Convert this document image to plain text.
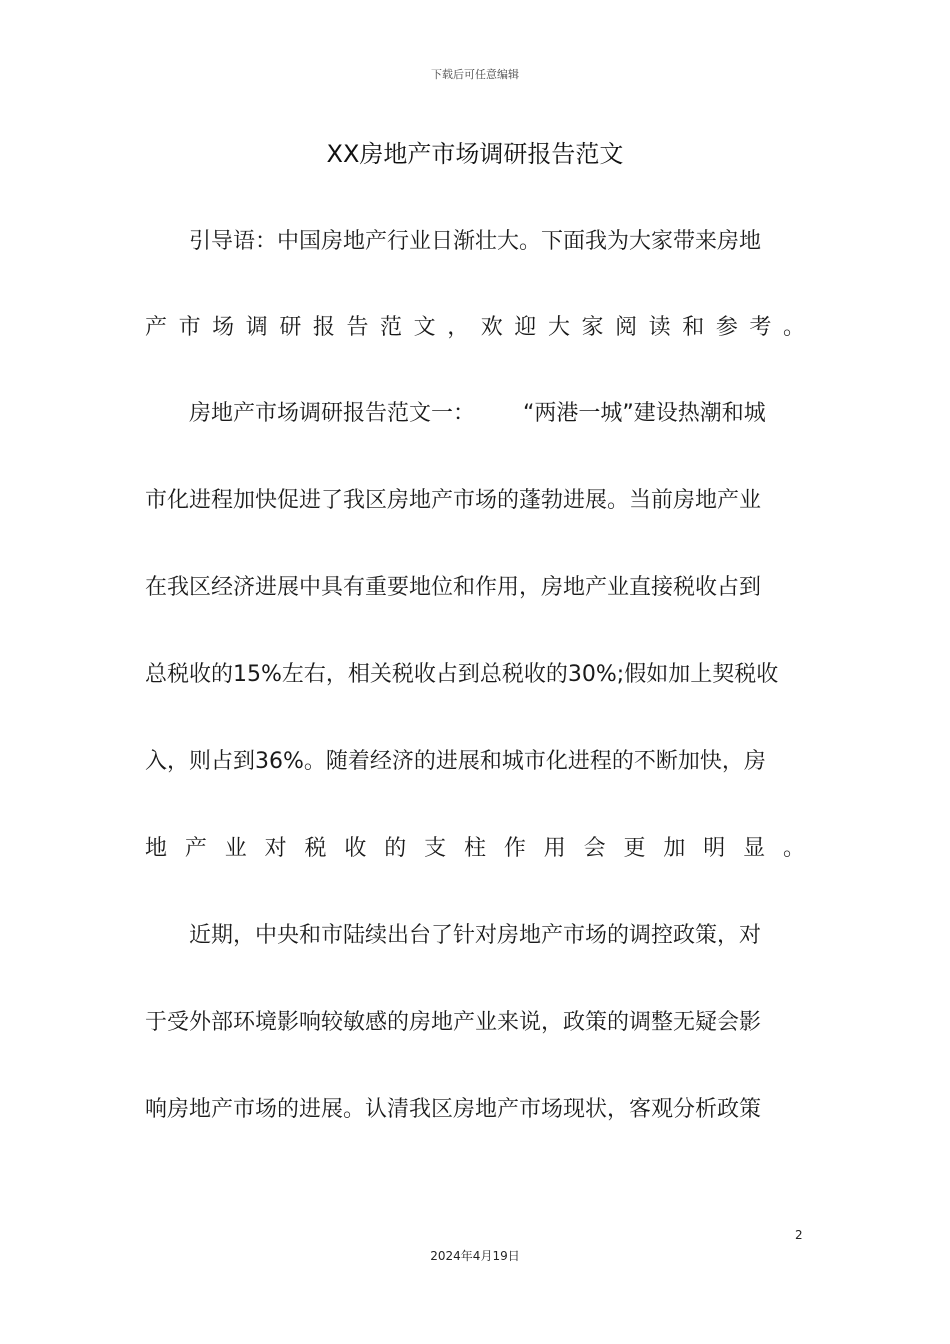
下载后可任意编辑
XX房地产市场调研报告范文
引导语：中国房地产行业日渐壮大。下面我为大家带来房地
产市场调研报告范文，欢迎大家阅读和参考。
房地产市场调研报告范文一： “两港一城”建设热潮和城
市化进程加快促进了我区房地产市场的蓬勃进展。当前房地产业
在我区经济进展中具有重要地位和作用，房地产业直接税收占到
总税收的15%左右，相关税收占到总税收的30%;假如加上契税收
入，则占到36%。随着经济的进展和城市化进程的不断加快，房
地产业对税收的支柱作用会更加明显。
近期，中央和市陆续出台了针对房地产市场的调控政策，对
于受外部环境影响较敏感的房地产业来说，政策的调整无疑会影
响房地产市场的进展。认清我区房地产市场现状，客观分析政策
2
2024年4月19日
